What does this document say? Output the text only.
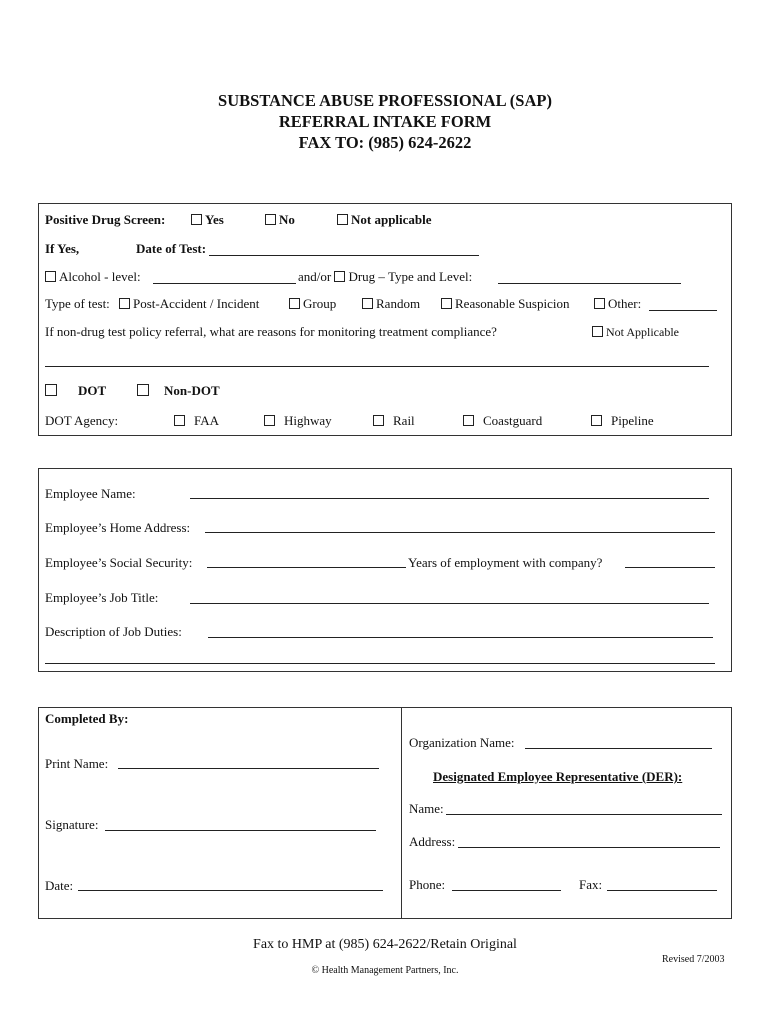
SUBSTANCE ABUSE PROFESSIONAL (SAP)
REFERRAL INTAKE FORM
FAX TO: (985) 624-2622
Positive Drug Screen:	Yes	No	Not applicable
If Yes,	Date of Test:
Alcohol - level:	and/or Drug – Type and Level:
Type of test:	Post-Accident / Incident	Group	Random	Reasonable Suspicion	Other:
If non-drug test policy referral, what are reasons for monitoring treatment compliance?	Not Applicable
DOT	Non-DOT
DOT Agency:	FAA	Highway	Rail	Coastguard	Pipeline
Employee Name:
Employee’s Home Address:
Employee’s Social Security:	Years of employment with company?
Employee’s Job Title:
Description of Job Duties:
Completed By:
Print Name:
Signature:
Date:
Organization Name:
Designated Employee Representative (DER):
Name:
Address:
Phone:	Fax:
Fax to HMP at (985) 624-2622/Retain Original
Revised 7/2003
© Health Management Partners, Inc.
